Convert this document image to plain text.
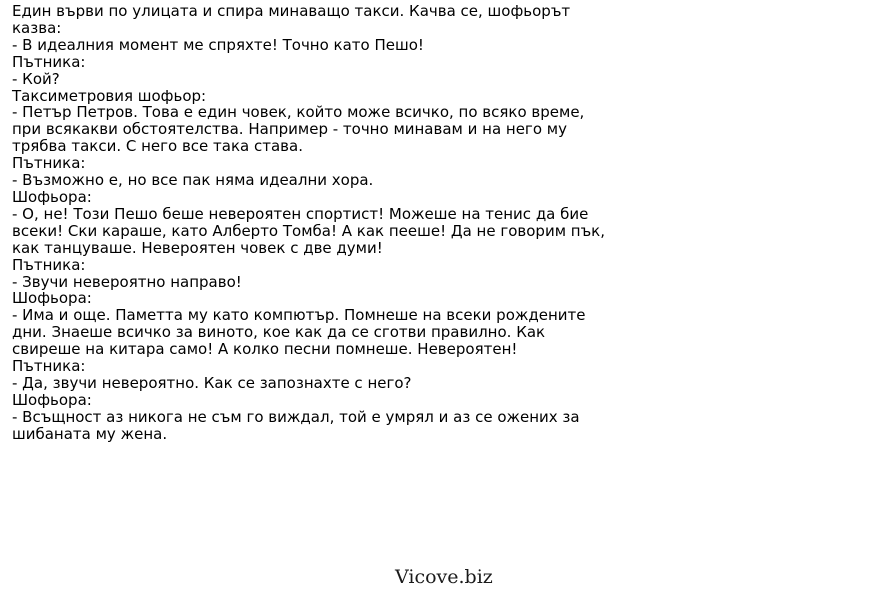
Един върви по улицата и спира минаващо такси. Качва се, шофьорът казва:
- В идеалния момент ме спряхте! Точно като Пешо!
Пътника:
- Кой?
Таксиметровия шофьор:
- Петър Петров. Това е един човек, който може всичко, по всяко време, при всякакви обстоятелства. Например - точно минавам и на него му трябва такси. С него все така става.
Пътника:
- Възможно е, но все пак няма идеални хора.
Шофьора:
- О, не! Този Пешо беше невероятен спортист! Можеше на тенис да бие всеки! Ски караше, като Алберто Томба! А как пееше! Да не говорим пък, как танцуваше. Невероятен човек с две думи!
Пътника:
- Звучи невероятно направо!
Шофьора:
- Има и още. Паметта му като компютър. Помнеше на всеки рождените дни. Знаеше всичко за виното, кое как да се сготви правилно. Как свиреше на китара само! А колко песни помнеше. Невероятен!
Пътника:
- Да, звучи невероятно. Как се запознахте с него?
Шофьора:
- Всъщност аз никога не съм го виждал, той е умрял и аз се ожених за шибаната му жена.

Vicove.biz
